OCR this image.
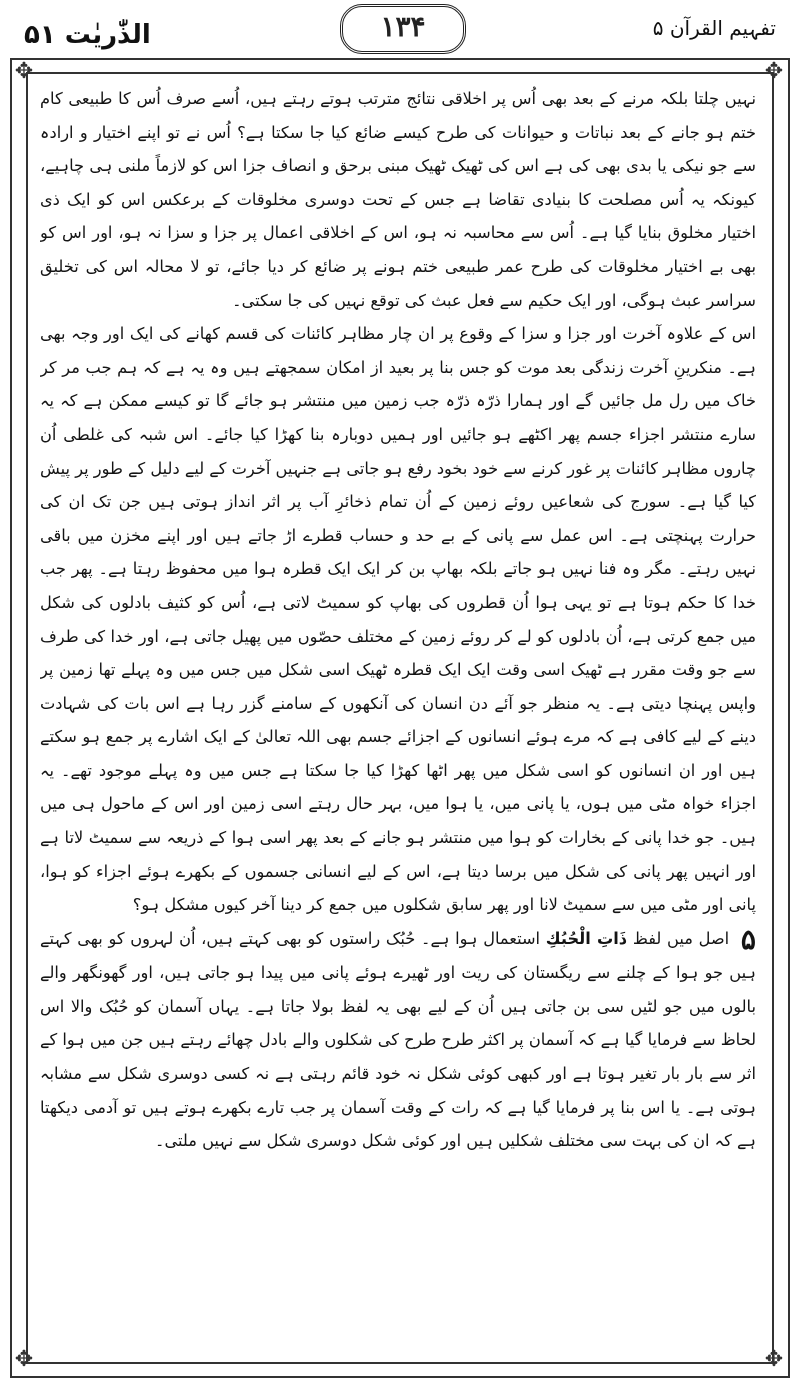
الذّٰریٰت ۵۱	۱۳۴	تفہیم القرآن ۵
✥	✥
✥	✥

نہیں چلتا بلکہ مرنے کے بعد بھی اُس پر اخلاقی نتائج مترتب ہوتے رہتے ہیں، اُسے صرف اُس کا طبیعی کام ختم ہو جانے کے بعد نباتات و حیوانات کی طرح کیسے ضائع کیا جا سکتا ہے؟ اُس نے تو اپنے اختیار و ارادہ سے جو نیکی یا بدی بھی کی ہے اس کی ٹھیک ٹھیک مبنی برحق و انصاف جزا اس کو لازماً ملنی ہی چاہیے، کیونکہ یہ اُس مصلحت کا بنیادی تقاضا ہے جس کے تحت دوسری مخلوقات کے برعکس اس کو ایک ذی اختیار مخلوق بنایا گیا ہے۔ اُس سے محاسبہ نہ ہو، اس کے اخلاقی اعمال پر جزا و سزا نہ ہو، اور اس کو بھی بے اختیار مخلوقات کی طرح عمر طبیعی ختم ہونے پر ضائع کر دیا جائے، تو لا محالہ اس کی تخلیق سراسر عبث ہوگی، اور ایک حکیم سے فعل عبث کی توقع نہیں کی جا سکتی۔

اس کے علاوہ آخرت اور جزا و سزا کے وقوع پر ان چار مظاہر کائنات کی قسم کھانے کی ایک اور وجہ بھی ہے۔ منکرینِ آخرت زندگی بعد موت کو جس بنا پر بعید از امکان سمجھتے ہیں وہ یہ ہے کہ ہم جب مر کر خاک میں رل مل جائیں گے اور ہمارا ذرّہ ذرّہ جب زمین میں منتشر ہو جائے گا تو کیسے ممکن ہے کہ یہ سارے منتشر اجزاء جسم پھر اکٹھے ہو جائیں اور ہمیں دوبارہ بنا کھڑا کیا جائے۔ اس شبہ کی غلطی اُن چاروں مظاہر کائنات پر غور کرنے سے خود بخود رفع ہو جاتی ہے جنہیں آخرت کے لیے دلیل کے طور پر پیش کیا گیا ہے۔ سورج کی شعاعیں روئے زمین کے اُن تمام ذخائرِ آب پر اثر انداز ہوتی ہیں جن تک ان کی حرارت پہنچتی ہے۔ اس عمل سے پانی کے بے حد و حساب قطرے اڑ جاتے ہیں اور اپنے مخزن میں باقی نہیں رہتے۔ مگر وہ فنا نہیں ہو جاتے بلکہ بھاپ بن کر ایک ایک قطرہ ہوا میں محفوظ رہتا ہے۔ پھر جب خدا کا حکم ہوتا ہے تو یہی ہوا اُن قطروں کی بھاپ کو سمیٹ لاتی ہے، اُس کو کثیف بادلوں کی شکل میں جمع کرتی ہے، اُن بادلوں کو لے کر روئے زمین کے مختلف حصّوں میں پھیل جاتی ہے، اور خدا کی طرف سے جو وقت مقرر ہے ٹھیک اسی وقت ایک ایک قطرہ ٹھیک اسی شکل میں جس میں وہ پہلے تھا زمین پر واپس پہنچا دیتی ہے۔ یہ منظر جو آئے دن انسان کی آنکھوں کے سامنے گزر رہا ہے اس بات کی شہادت دینے کے لیے کافی ہے کہ مرے ہوئے انسانوں کے اجزائے جسم بھی اللہ تعالیٰ کے ایک اشارے پر جمع ہو سکتے ہیں اور ان انسانوں کو اسی شکل میں پھر اٹھا کھڑا کیا جا سکتا ہے جس میں وہ پہلے موجود تھے۔ یہ اجزاء خواہ مٹی میں ہوں، یا پانی میں، یا ہوا میں، بہر حال رہتے اسی زمین اور اس کے ماحول ہی میں ہیں۔ جو خدا پانی کے بخارات کو ہوا میں منتشر ہو جانے کے بعد پھر اسی ہوا کے ذریعہ سے سمیٹ لاتا ہے اور انہیں پھر پانی کی شکل میں برسا دیتا ہے، اس کے لیے انسانی جسموں کے بکھرے ہوئے اجزاء کو ہوا، پانی اور مٹی میں سے سمیٹ لانا اور پھر سابق شکلوں میں جمع کر دینا آخر کیوں مشکل ہو؟

۵ اصل میں لفظ ذَاتِ الْحُبُكِ استعمال ہوا ہے۔ حُبُک راستوں کو بھی کہتے ہیں، اُن لہروں کو بھی کہتے ہیں جو ہوا کے چلنے سے ریگستان کی ریت اور ٹھیرے ہوئے پانی میں پیدا ہو جاتی ہیں، اور گھونگھر والے بالوں میں جو لٹیں سی بن جاتی ہیں اُن کے لیے بھی یہ لفظ بولا جاتا ہے۔ یہاں آسمان کو حُبُک والا اس لحاظ سے فرمایا گیا ہے کہ آسمان پر اکثر طرح طرح کی شکلوں والے بادل چھائے رہتے ہیں جن میں ہوا کے اثر سے بار بار تغیر ہوتا ہے اور کبھی کوئی شکل نہ خود قائم رہتی ہے نہ کسی دوسری شکل سے مشابہ ہوتی ہے۔ یا اس بنا پر فرمایا گیا ہے کہ رات کے وقت آسمان پر جب تارے بکھرے ہوتے ہیں تو آدمی دیکھتا ہے کہ ان کی بہت سی مختلف شکلیں ہیں اور کوئی شکل دوسری شکل سے نہیں ملتی۔
